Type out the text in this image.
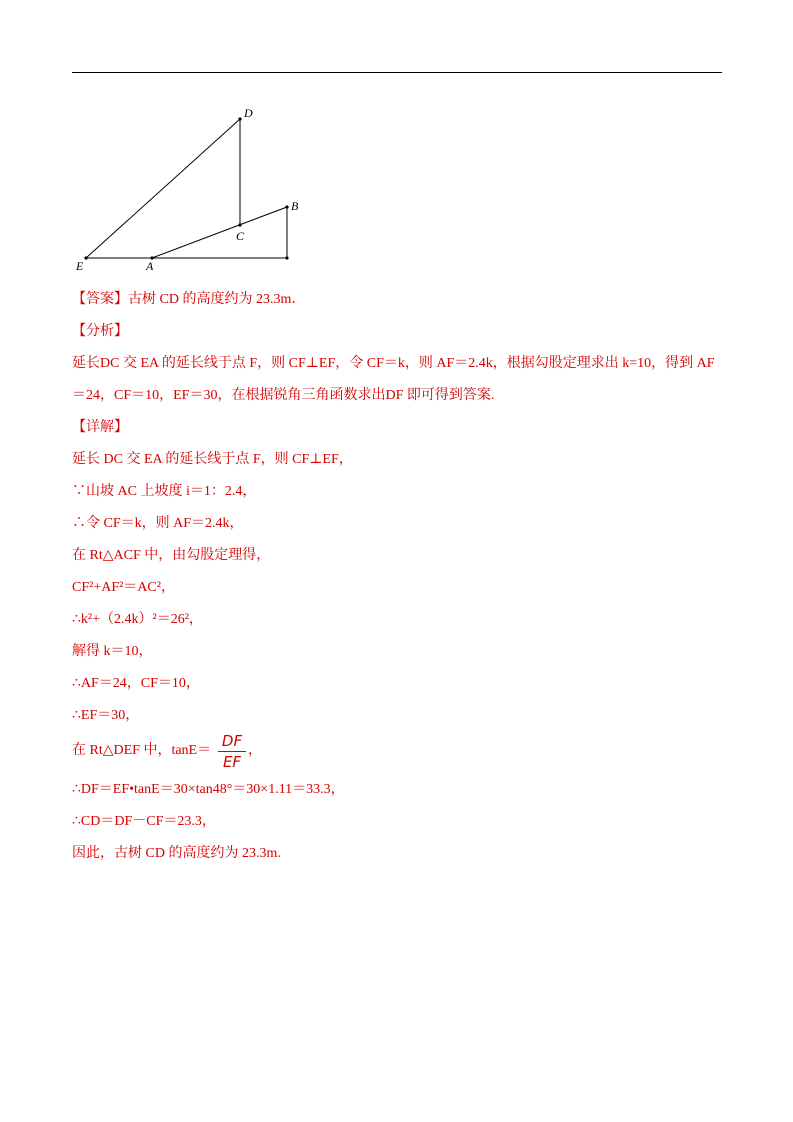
D
B
C
E	A
【答案】古树 CD 的高度约为 23.3m．
【分析】
延长DC 交 EA 的延长线于点 F，则 CF⊥EF，令 CF＝k，则 AF＝2.4k，根据勾股定理求出 k=10，得到 AF＝24，CF＝10，EF＝30，在根据锐角三角函数求出DF 即可得到答案.
【详解】
延长 DC 交 EA 的延长线于点 F，则 CF⊥EF，
∵山坡 AC 上坡度 i＝1：2.4，
∴令 CF＝k，则 AF＝2.4k，
在 Rt△ACF 中，由勾股定理得，
CF²+AF²＝AC²，
∴k²+（2.4k）²＝26²，
解得 k＝10，
∴AF＝24，CF＝10，
∴EF＝30，
在 Rt△DEF 中，tanE＝
DF
EF
，
∴DF＝EF•tanE＝30×tan48°＝30×1.11＝33.3，
∴CD＝DF－CF＝23.3，
因此，古树 CD 的高度约为 23.3m.
